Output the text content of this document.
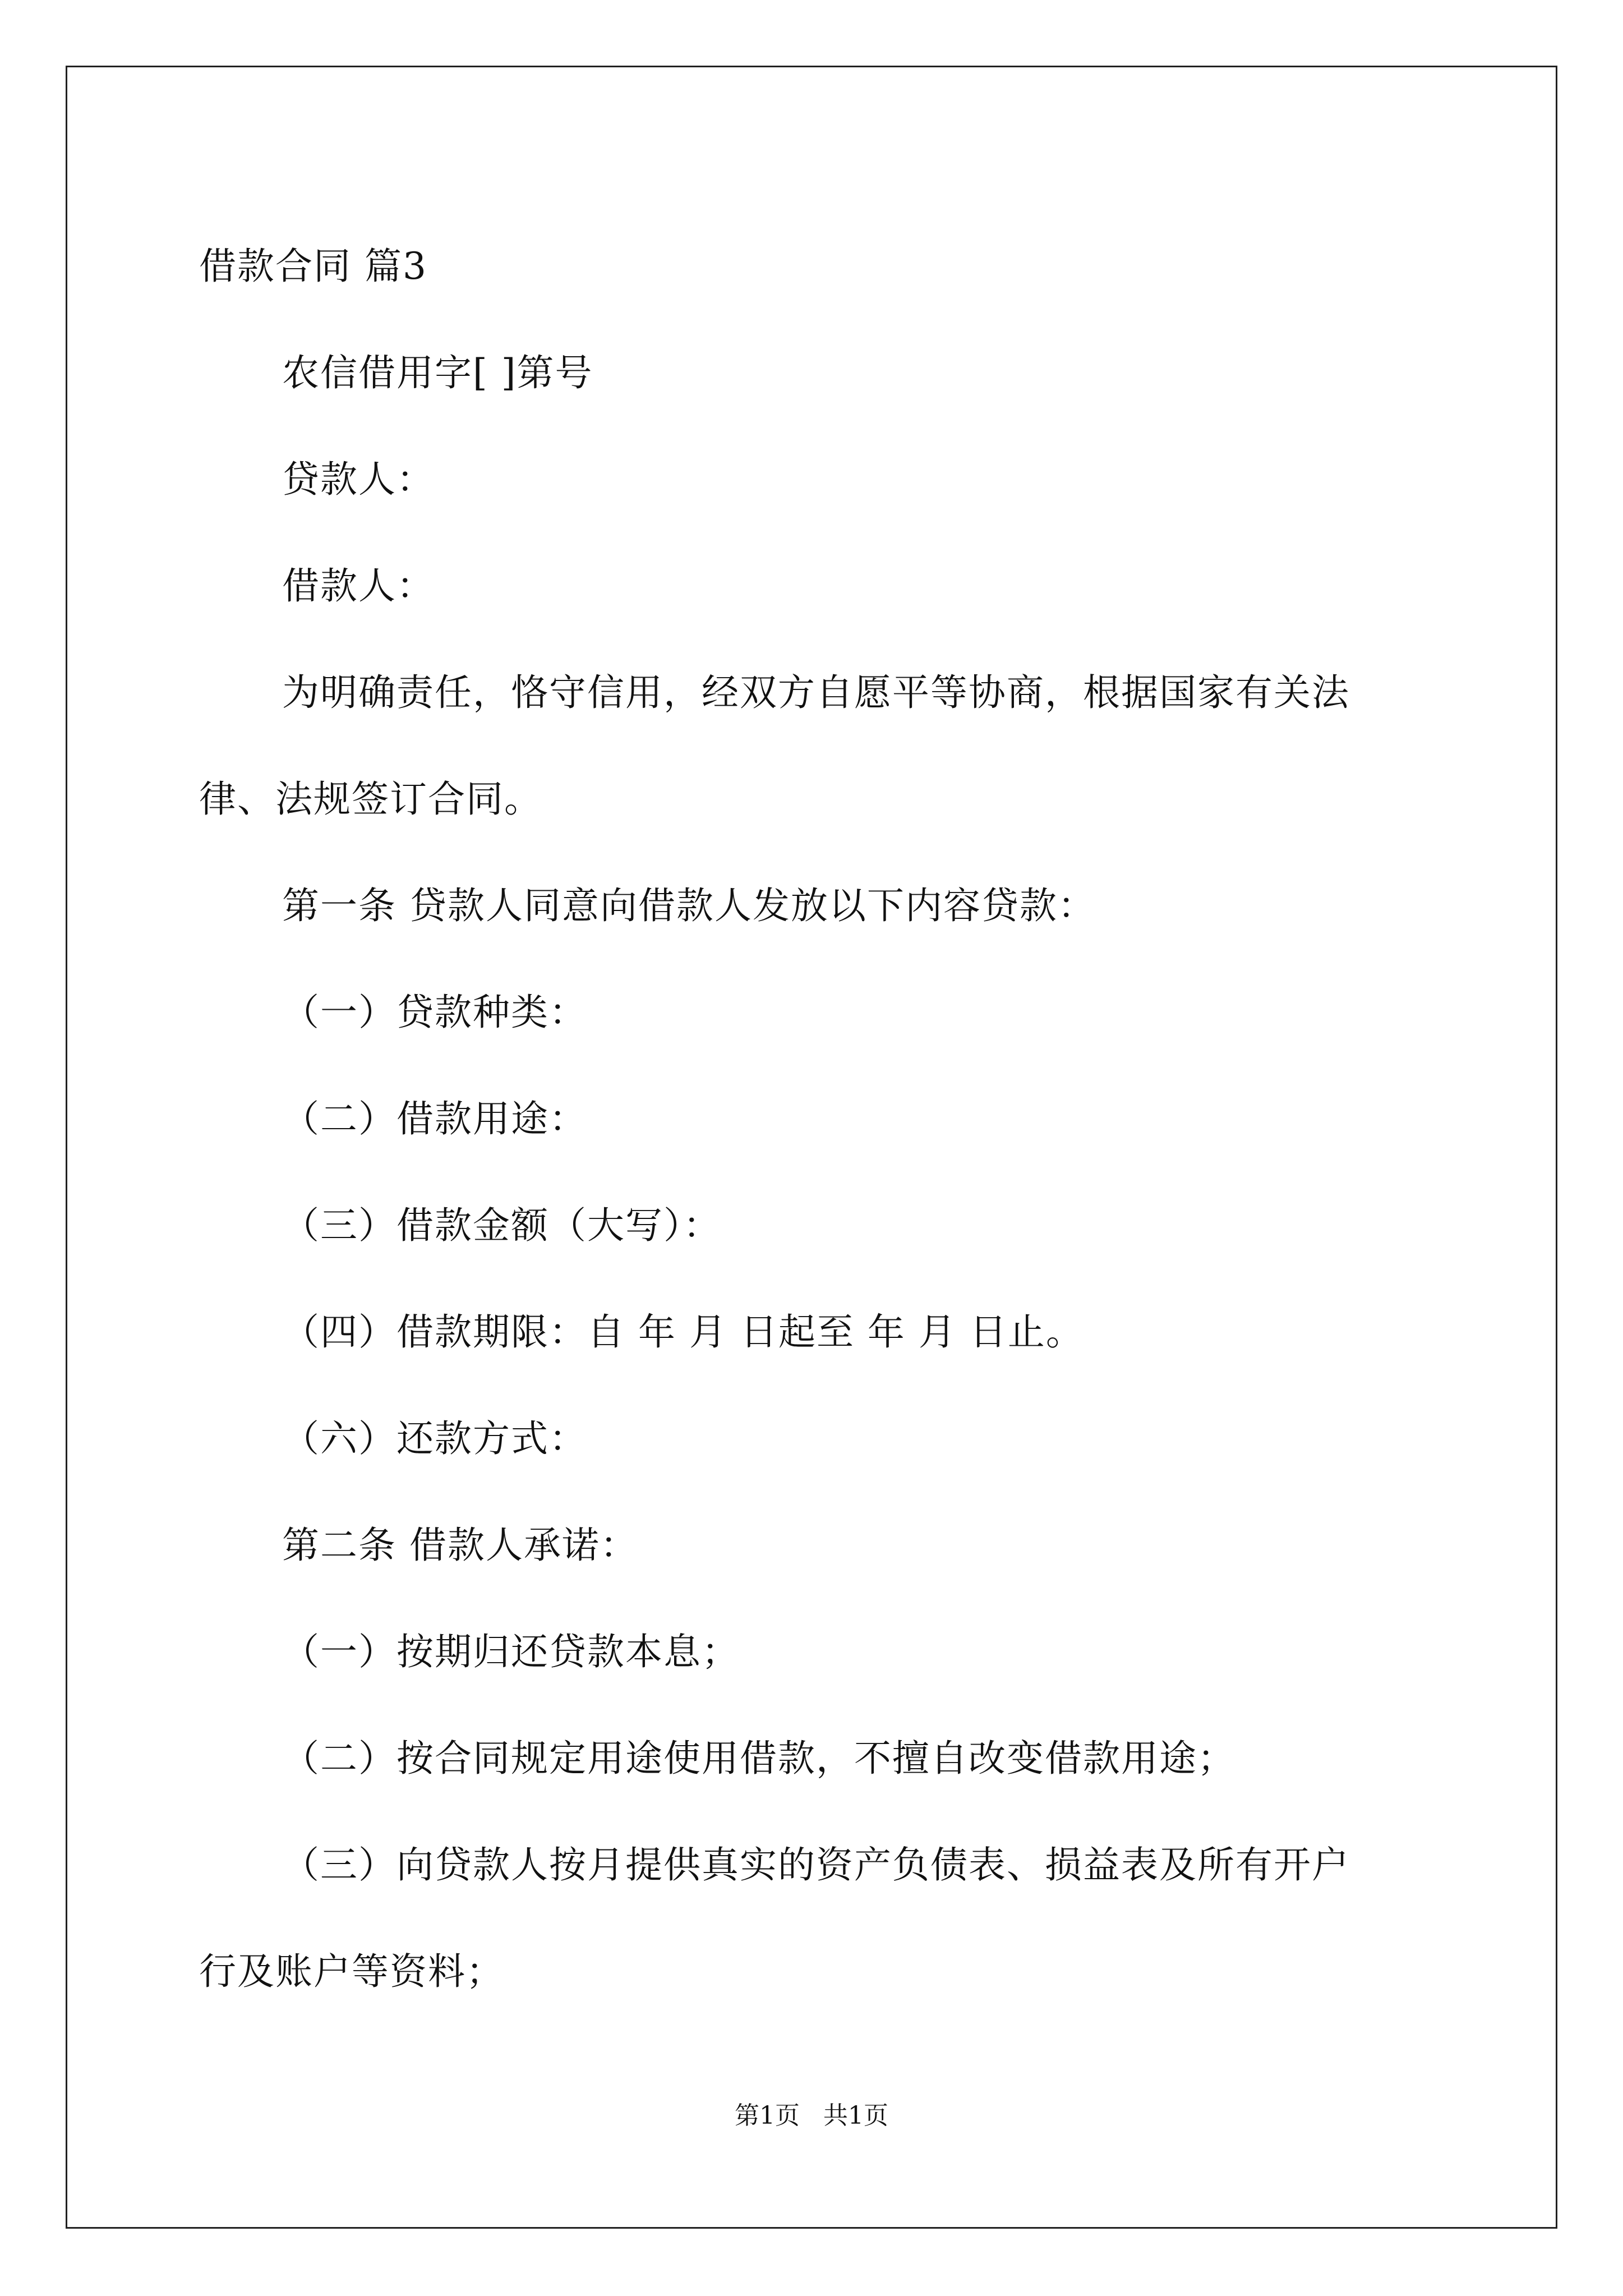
借款合同 篇3

农信借用字[ ]第号

贷款人：

借款人：

为明确责任，恪守信用，经双方自愿平等协商，根据国家有关法

律、法规签订合同。

第一条 贷款人同意向借款人发放以下内容贷款：

（一）贷款种类：

（二）借款用途：

（三）借款金额（大写）：

（四）借款期限：自 年 月 日起至 年 月 日止。

（六）还款方式：

第二条 借款人承诺：

（一）按期归还贷款本息；

（二）按合同规定用途使用借款，不擅自改变借款用途；

（三）向贷款人按月提供真实的资产负债表、损益表及所有开户

行及账户等资料；

第1页   共1页
